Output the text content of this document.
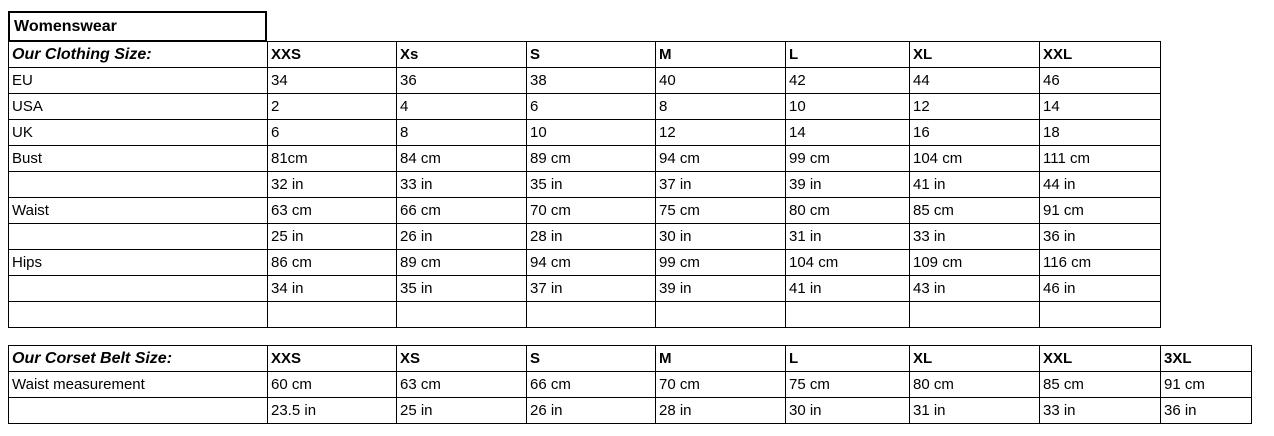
Womenswear
Our Clothing Size:	XXS	Xs	S	M	L	XL	XXL
EU	34	36	38	40	42	44	46
USA	2	4	6	8	10	12	14
UK	6	8	10	12	14	16	18
Bust	81cm	84 cm	89 cm	94 cm	99 cm	104 cm	111 cm
	32 in	33 in	35 in	37 in	39 in	41 in	44 in
Waist	63 cm	66 cm	70 cm	75 cm	80 cm	85 cm	91 cm
	25 in	26 in	28 in	30 in	31 in	33 in	36 in
Hips	86 cm	89 cm	94 cm	99 cm	104 cm	109 cm	116 cm
	34 in	35 in	37 in	39 in	41 in	43 in	46 in

Our Corset Belt Size:	XXS	XS	S	M	L	XL	XXL	3XL
Waist measurement	60 cm	63 cm	66 cm	70 cm	75 cm	80 cm	85 cm	91 cm
	23.5 in	25 in	26 in	28 in	30 in	31 in	33 in	36 in
